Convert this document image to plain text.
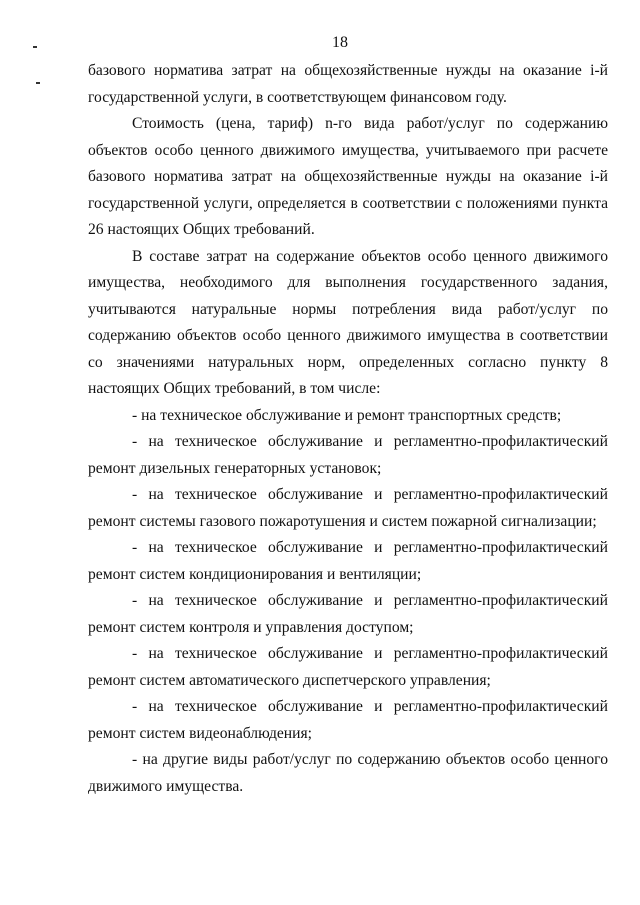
18

базового норматива затрат на общехозяйственные нужды на оказание i-й государственной услуги, в соответствующем финансовом году.

Стоимость (цена, тариф) n-го вида работ/услуг по содержанию объектов особо ценного движимого имущества, учитываемого при расчете базового норматива затрат на общехозяйственные нужды на оказание i-й государственной услуги, определяется в соответствии с положениями пункта 26 настоящих Общих требований.

В составе затрат на содержание объектов особо ценного движимого имущества, необходимого для выполнения государственного задания, учитываются натуральные нормы потребления вида работ/услуг по содержанию объектов особо ценного движимого имущества в соответствии со значениями натуральных норм, определенных согласно пункту 8 настоящих Общих требований, в том числе:

- на техническое обслуживание и ремонт транспортных средств;

- на техническое обслуживание и регламентно-профилактический ремонт дизельных генераторных установок;

- на техническое обслуживание и регламентно-профилактический ремонт системы газового пожаротушения и систем пожарной сигнализации;

- на техническое обслуживание и регламентно-профилактический ремонт систем кондиционирования и вентиляции;

- на техническое обслуживание и регламентно-профилактический ремонт систем контроля и управления доступом;

- на техническое обслуживание и регламентно-профилактический ремонт систем автоматического диспетчерского управления;

- на техническое обслуживание и регламентно-профилактический ремонт систем видеонаблюдения;

- на другие виды работ/услуг по содержанию объектов особо ценного движимого имущества.
